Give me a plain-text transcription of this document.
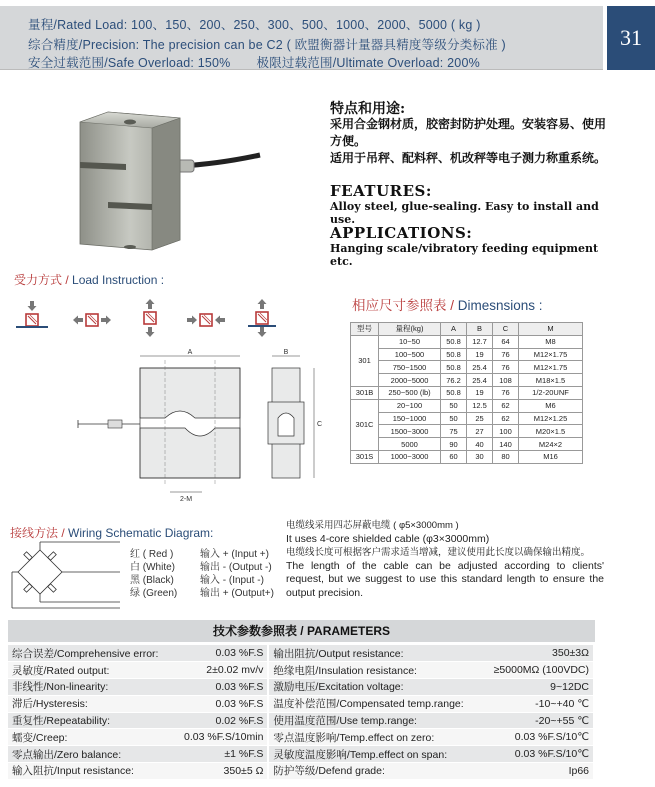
量程/Rated Load: 100、150、200、250、300、500、1000、2000、5000 ( kg )
综合精度/Precision: The precision can be C2 ( 欧盟衡器计量器具精度等级分类标准 )
安全过载范围/Safe Overload: 150% 极限过载范围/Ultimate Overload: 200%
31
特点和用途:
采用合金钢材质，胶密封防护处理。安装容易、使用方便。
适用于吊秤、配料秤、机改秤等电子测力称重系统。
FEATURES:
Alloy steel, glue-sealing. Easy to install and use.
APPLICATIONS:
Hanging scale/vibratory feeding equipment etc.
受力方式 / Load Instruction :
A
2-M
B
C
相应尺寸参照表 / Dimesnsions :
型号	量程(kg)	A	B	C	M
301	10~50	50.8	12.7	64	M8
	100~500	50.8	19	76	M12×1.75
	750~1500	50.8	25.4	76	M12×1.75
	2000~5000	76.2	25.4	108	M18×1.5
301B	250~500 (lb)	50.8	19	76	1/2-20UNF
301C	20~100	50	12.5	62	M6
	150~1000	50	25	62	M12×1.25
	1500~3000	75	27	100	M20×1.5
	5000	90	40	140	M24×2
301S	1000~3000	60	30	80	M16
接线方法 / Wiring Schematic Diagram:
红 ( Red )	输入 + (Input +)
白 (White)	输出 - (Output -)
黑 (Black)	输入 - (Input -)
绿 (Green) 输出 + (Output+)
电缆线采用四芯屏蔽电缆 ( φ5×3000mm )
It uses 4-core shielded cable (φ3×3000mm)
电缆线长度可根据客户需求适当增减，建议使用此长度以确保输出精度。
The length of the cable can be adjusted according to clients' request, but we suggest to use this standard length to ensure the output precision.
技术参数参照表 / PARAMETERS
综合误差/Comprehensive error:	0.03 %F.S	输出阻抗/Output resistance:	350±3Ω
灵敏度/Rated output:	2±0.02 mv/v	绝缘电阻/Insulation resistance:	≥5000MΩ (100VDC)
非线性/Non-linearity:	0.03 %F.S	激励电压/Excitation voltage:	9~12DC
滞后/Hysteresis:	0.03 %F.S	温度补偿范围/Compensated temp.range:	-10~+40 ℃
重复性/Repeatability:	0.02 %F.S	使用温度范围/Use temp.range:	-20~+55 ℃
蠕变/Creep:	0.03 %F.S/10min	零点温度影响/Temp.effect on zero:	0.03 %F.S/10℃
零点输出/Zero balance:	±1 %F.S	灵敏度温度影响/Temp.effect on span:	0.03 %F.S/10℃
输入阻抗/Input resistance:	350±5 Ω	防护等级/Defend grade:	Ip66
